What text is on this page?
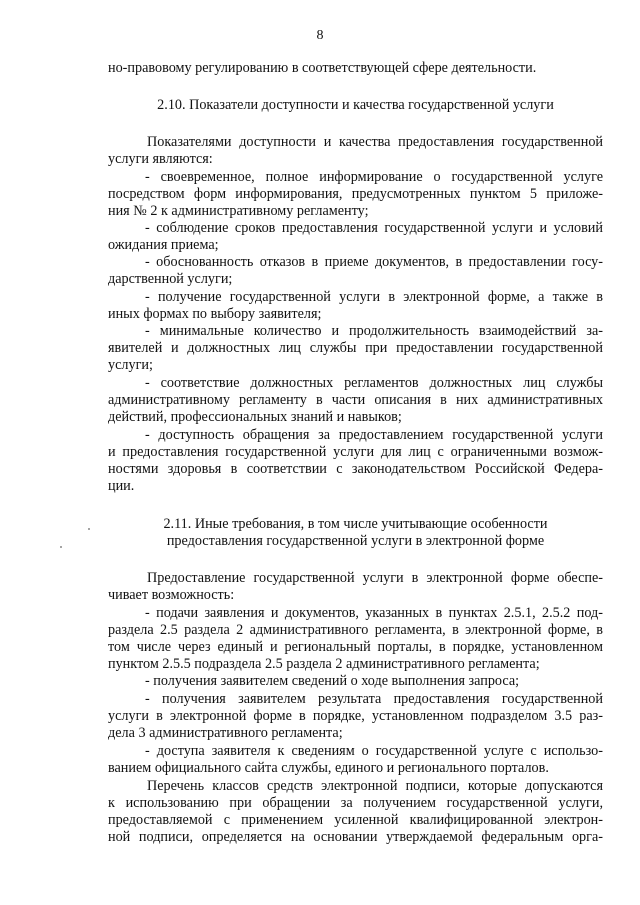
8
но-правовому регулированию в соответствующей сфере деятельности.
2.10. Показатели доступности и качества государственной услуги
Показателями доступности и качества предоставления государственной
услуги являются:
- своевременное, полное информирование о государственной услуге
посредством форм информирования, предусмотренных пунктом 5 приложе-
ния № 2 к административному регламенту;
- соблюдение сроков предоставления государственной услуги и условий
ожидания приема;
- обоснованность отказов в приеме документов, в предоставлении госу-
дарственной услуги;
- получение государственной услуги в электронной форме, а также в
иных формах по выбору заявителя;
- минимальные количество и продолжительность взаимодействий за-
явителей и должностных лиц службы при предоставлении государственной
услуги;
- соответствие должностных регламентов должностных лиц службы
административному регламенту в части описания в них административных
действий, профессиональных знаний и навыков;
- доступность обращения за предоставлением государственной услуги
и предоставления государственной услуги для лиц с ограниченными возмож-
ностями здоровья в соответствии с законодательством Российской Федера-
ции.
2.11. Иные требования, в том числе учитывающие особенности
предоставления государственной услуги в электронной форме
Предоставление государственной услуги в электронной форме обеспе-
чивает возможность:
- подачи заявления и документов, указанных в пунктах 2.5.1, 2.5.2 под-
раздела 2.5 раздела 2 административного регламента, в электронной форме, в
том числе через единый и региональный порталы, в порядке, установленном
пунктом 2.5.5 подраздела 2.5 раздела 2 административного регламента;
- получения заявителем сведений о ходе выполнения запроса;
- получения заявителем результата предоставления государственной
услуги в электронной форме в порядке, установленном подразделом 3.5 раз-
дела 3 административного регламента;
- доступа заявителя к сведениям о государственной услуге с использо-
ванием официального сайта службы, единого и регионального порталов.
Перечень классов средств электронной подписи, которые допускаются
к использованию при обращении за получением государственной услуги,
предоставляемой с применением усиленной квалифицированной электрон-
ной подписи, определяется на основании утверждаемой федеральным орга-
